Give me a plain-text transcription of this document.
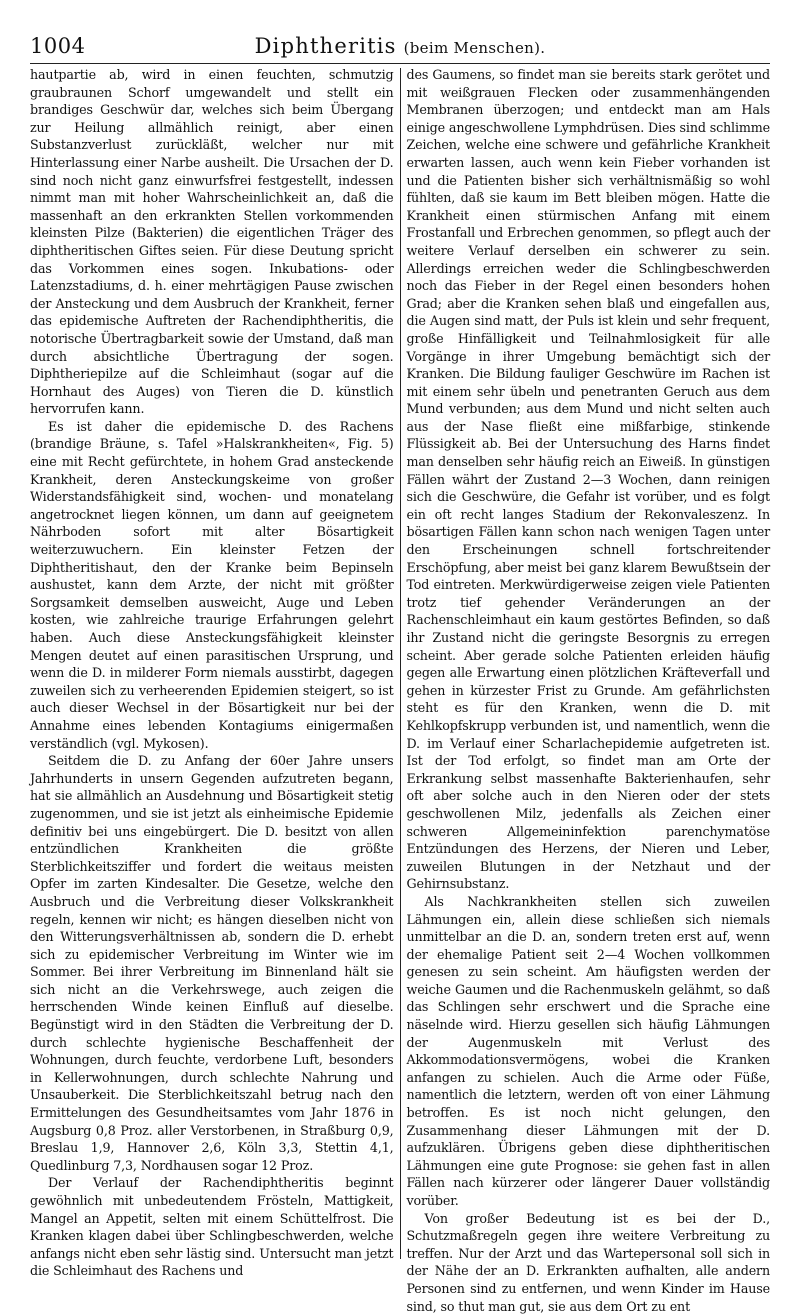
1004	Diphtheritis (beim Menschen).

hautpartie ab, wird in einen feuchten, schmutzig graubraunen Schorf umgewandelt und stellt ein brandiges Geschwür dar, welches sich beim Übergang zur Heilung allmählich reinigt, aber einen Substanzverlust zurückläßt, welcher nur mit Hinterlassung einer Narbe ausheilt. Die Ursachen der D. sind noch nicht ganz einwurfsfrei festgestellt, indessen nimmt man mit hoher Wahrscheinlichkeit an, daß die massenhaft an den erkrankten Stellen vorkommenden kleinsten Pilze (Bakterien) die eigentlichen Träger des diphtheritischen Giftes seien. Für diese Deutung spricht das Vorkommen eines sogen. Inkubations- oder Latenzstadiums, d. h. einer mehrtägigen Pause zwischen der Ansteckung und dem Ausbruch der Krankheit, ferner das epidemische Auftreten der Rachendiphtheritis, die notorische Übertragbarkeit sowie der Umstand, daß man durch absichtliche Übertragung der sogen. Diphtheriepilze auf die Schleimhaut (sogar auf die Hornhaut des Auges) von Tieren die D. künstlich hervorrufen kann.

Es ist daher die epidemische D. des Rachens (brandige Bräune, s. Tafel »Halskrankheiten«, Fig. 5) eine mit Recht gefürchtete, in hohem Grad ansteckende Krankheit, deren Ansteckungskeime von großer Widerstandsfähigkeit sind, wochen- und monatelang angetrocknet liegen können, um dann auf geeignetem Nährboden sofort mit alter Bösartigkeit weiterzuwuchern. Ein kleinster Fetzen der Diphtheritishaut, den der Kranke beim Bepinseln aushustet, kann dem Arzte, der nicht mit größter Sorgsamkeit demselben ausweicht, Auge und Leben kosten, wie zahlreiche traurige Erfahrungen gelehrt haben. Auch diese Ansteckungsfähigkeit kleinster Mengen deutet auf einen parasitischen Ursprung, und wenn die D. in milderer Form niemals ausstirbt, dagegen zuweilen sich zu verheerenden Epidemien steigert, so ist auch dieser Wechsel in der Bösartigkeit nur bei der Annahme eines lebenden Kontagiums einigermaßen verständlich (vgl. Mykosen).

Seitdem die D. zu Anfang der 60er Jahre unsers Jahrhunderts in unsern Gegenden aufzutreten begann, hat sie allmählich an Ausdehnung und Bösartigkeit stetig zugenommen, und sie ist jetzt als einheimische Epidemie definitiv bei uns eingebürgert. Die D. besitzt von allen entzündlichen Krankheiten die größte Sterblichkeitsziffer und fordert die weitaus meisten Opfer im zarten Kindesalter. Die Gesetze, welche den Ausbruch und die Verbreitung dieser Volkskrankheit regeln, kennen wir nicht; es hängen dieselben nicht von den Witterungsverhältnissen ab, sondern die D. erhebt sich zu epidemischer Verbreitung im Winter wie im Sommer. Bei ihrer Verbreitung im Binnenland hält sie sich nicht an die Verkehrswege, auch zeigen die herrschenden Winde keinen Einfluß auf dieselbe. Begünstigt wird in den Städten die Verbreitung der D. durch schlechte hygienische Beschaffenheit der Wohnungen, durch feuchte, verdorbene Luft, besonders in Kellerwohnungen, durch schlechte Nahrung und Unsauberkeit. Die Sterblichkeitszahl betrug nach den Ermittelungen des Gesundheitsamtes vom Jahr 1876 in Augsburg 0,8 Proz. aller Verstorbenen, in Straßburg 0,9, Breslau 1,9, Hannover 2,6, Köln 3,3, Stettin 4,1, Quedlinburg 7,3, Nordhausen sogar 12 Proz.

Der Verlauf der Rachendiphtheritis beginnt gewöhnlich mit unbedeutendem Frösteln, Mattigkeit, Mangel an Appetit, selten mit einem Schüttelfrost. Die Kranken klagen dabei über Schlingbeschwerden, welche anfangs nicht eben sehr lästig sind. Untersucht man jetzt die Schleimhaut des Rachens und

des Gaumens, so findet man sie bereits stark gerötet und mit weißgrauen Flecken oder zusammenhängenden Membranen überzogen; und entdeckt man am Hals einige angeschwollene Lymphdrüsen. Dies sind schlimme Zeichen, welche eine schwere und gefährliche Krankheit erwarten lassen, auch wenn kein Fieber vorhanden ist und die Patienten bisher sich verhältnismäßig so wohl fühlten, daß sie kaum im Bett bleiben mögen. Hatte die Krankheit einen stürmischen Anfang mit einem Frostanfall und Erbrechen genommen, so pflegt auch der weitere Verlauf derselben ein schwerer zu sein. Allerdings erreichen weder die Schlingbeschwerden noch das Fieber in der Regel einen besonders hohen Grad; aber die Kranken sehen blaß und eingefallen aus, die Augen sind matt, der Puls ist klein und sehr frequent, große Hinfälligkeit und Teilnahmlosigkeit für alle Vorgänge in ihrer Umgebung bemächtigt sich der Kranken. Die Bildung fauliger Geschwüre im Rachen ist mit einem sehr übeln und penetranten Geruch aus dem Mund verbunden; aus dem Mund und nicht selten auch aus der Nase fließt eine mißfarbige, stinkende Flüssigkeit ab. Bei der Untersuchung des Harns findet man denselben sehr häufig reich an Eiweiß. In günstigen Fällen währt der Zustand 2—3 Wochen, dann reinigen sich die Geschwüre, die Gefahr ist vorüber, und es folgt ein oft recht langes Stadium der Rekonvaleszenz. In bösartigen Fällen kann schon nach wenigen Tagen unter den Erscheinungen schnell fortschreitender Erschöpfung, aber meist bei ganz klarem Bewußtsein der Tod eintreten. Merkwürdigerweise zeigen viele Patienten trotz tief gehender Veränderungen an der Rachenschleimhaut ein kaum gestörtes Befinden, so daß ihr Zustand nicht die geringste Besorgnis zu erregen scheint. Aber gerade solche Patienten erleiden häufig gegen alle Erwartung einen plötzlichen Kräfteverfall und gehen in kürzester Frist zu Grunde. Am gefährlichsten steht es für den Kranken, wenn die D. mit Kehlkopfskrupp verbunden ist, und namentlich, wenn die D. im Verlauf einer Scharlachepidemie aufgetreten ist. Ist der Tod erfolgt, so findet man am Orte der Erkrankung selbst massenhafte Bakterienhaufen, sehr oft aber solche auch in den Nieren oder der stets geschwollenen Milz, jedenfalls als Zeichen einer schweren Allgemeininfektion parenchymatöse Entzündungen des Herzens, der Nieren und Leber, zuweilen Blutungen in der Netzhaut und der Gehirnsubstanz.

Als Nachkrankheiten stellen sich zuweilen Lähmungen ein, allein diese schließen sich niemals unmittelbar an die D. an, sondern treten erst auf, wenn der ehemalige Patient seit 2—4 Wochen vollkommen genesen zu sein scheint. Am häufigsten werden der weiche Gaumen und die Rachenmuskeln gelähmt, so daß das Schlingen sehr erschwert und die Sprache eine näselnde wird. Hierzu gesellen sich häufig Lähmungen der Augenmuskeln mit Verlust des Akkommodationsvermögens, wobei die Kranken anfangen zu schielen. Auch die Arme oder Füße, namentlich die letztern, werden oft von einer Lähmung betroffen. Es ist noch nicht gelungen, den Zusammenhang dieser Lähmungen mit der D. aufzuklären. Übrigens geben diese diphtheritischen Lähmungen eine gute Prognose: sie gehen fast in allen Fällen nach kürzerer oder längerer Dauer vollständig vorüber.

Von großer Bedeutung ist es bei der D., Schutzmaßregeln gegen ihre weitere Verbreitung zu treffen. Nur der Arzt und das Wartepersonal soll sich in der Nähe der an D. Erkrankten aufhalten, alle andern Personen sind zu entfernen, und wenn Kinder im Hause sind, so thut man gut, sie aus dem Ort zu ent
